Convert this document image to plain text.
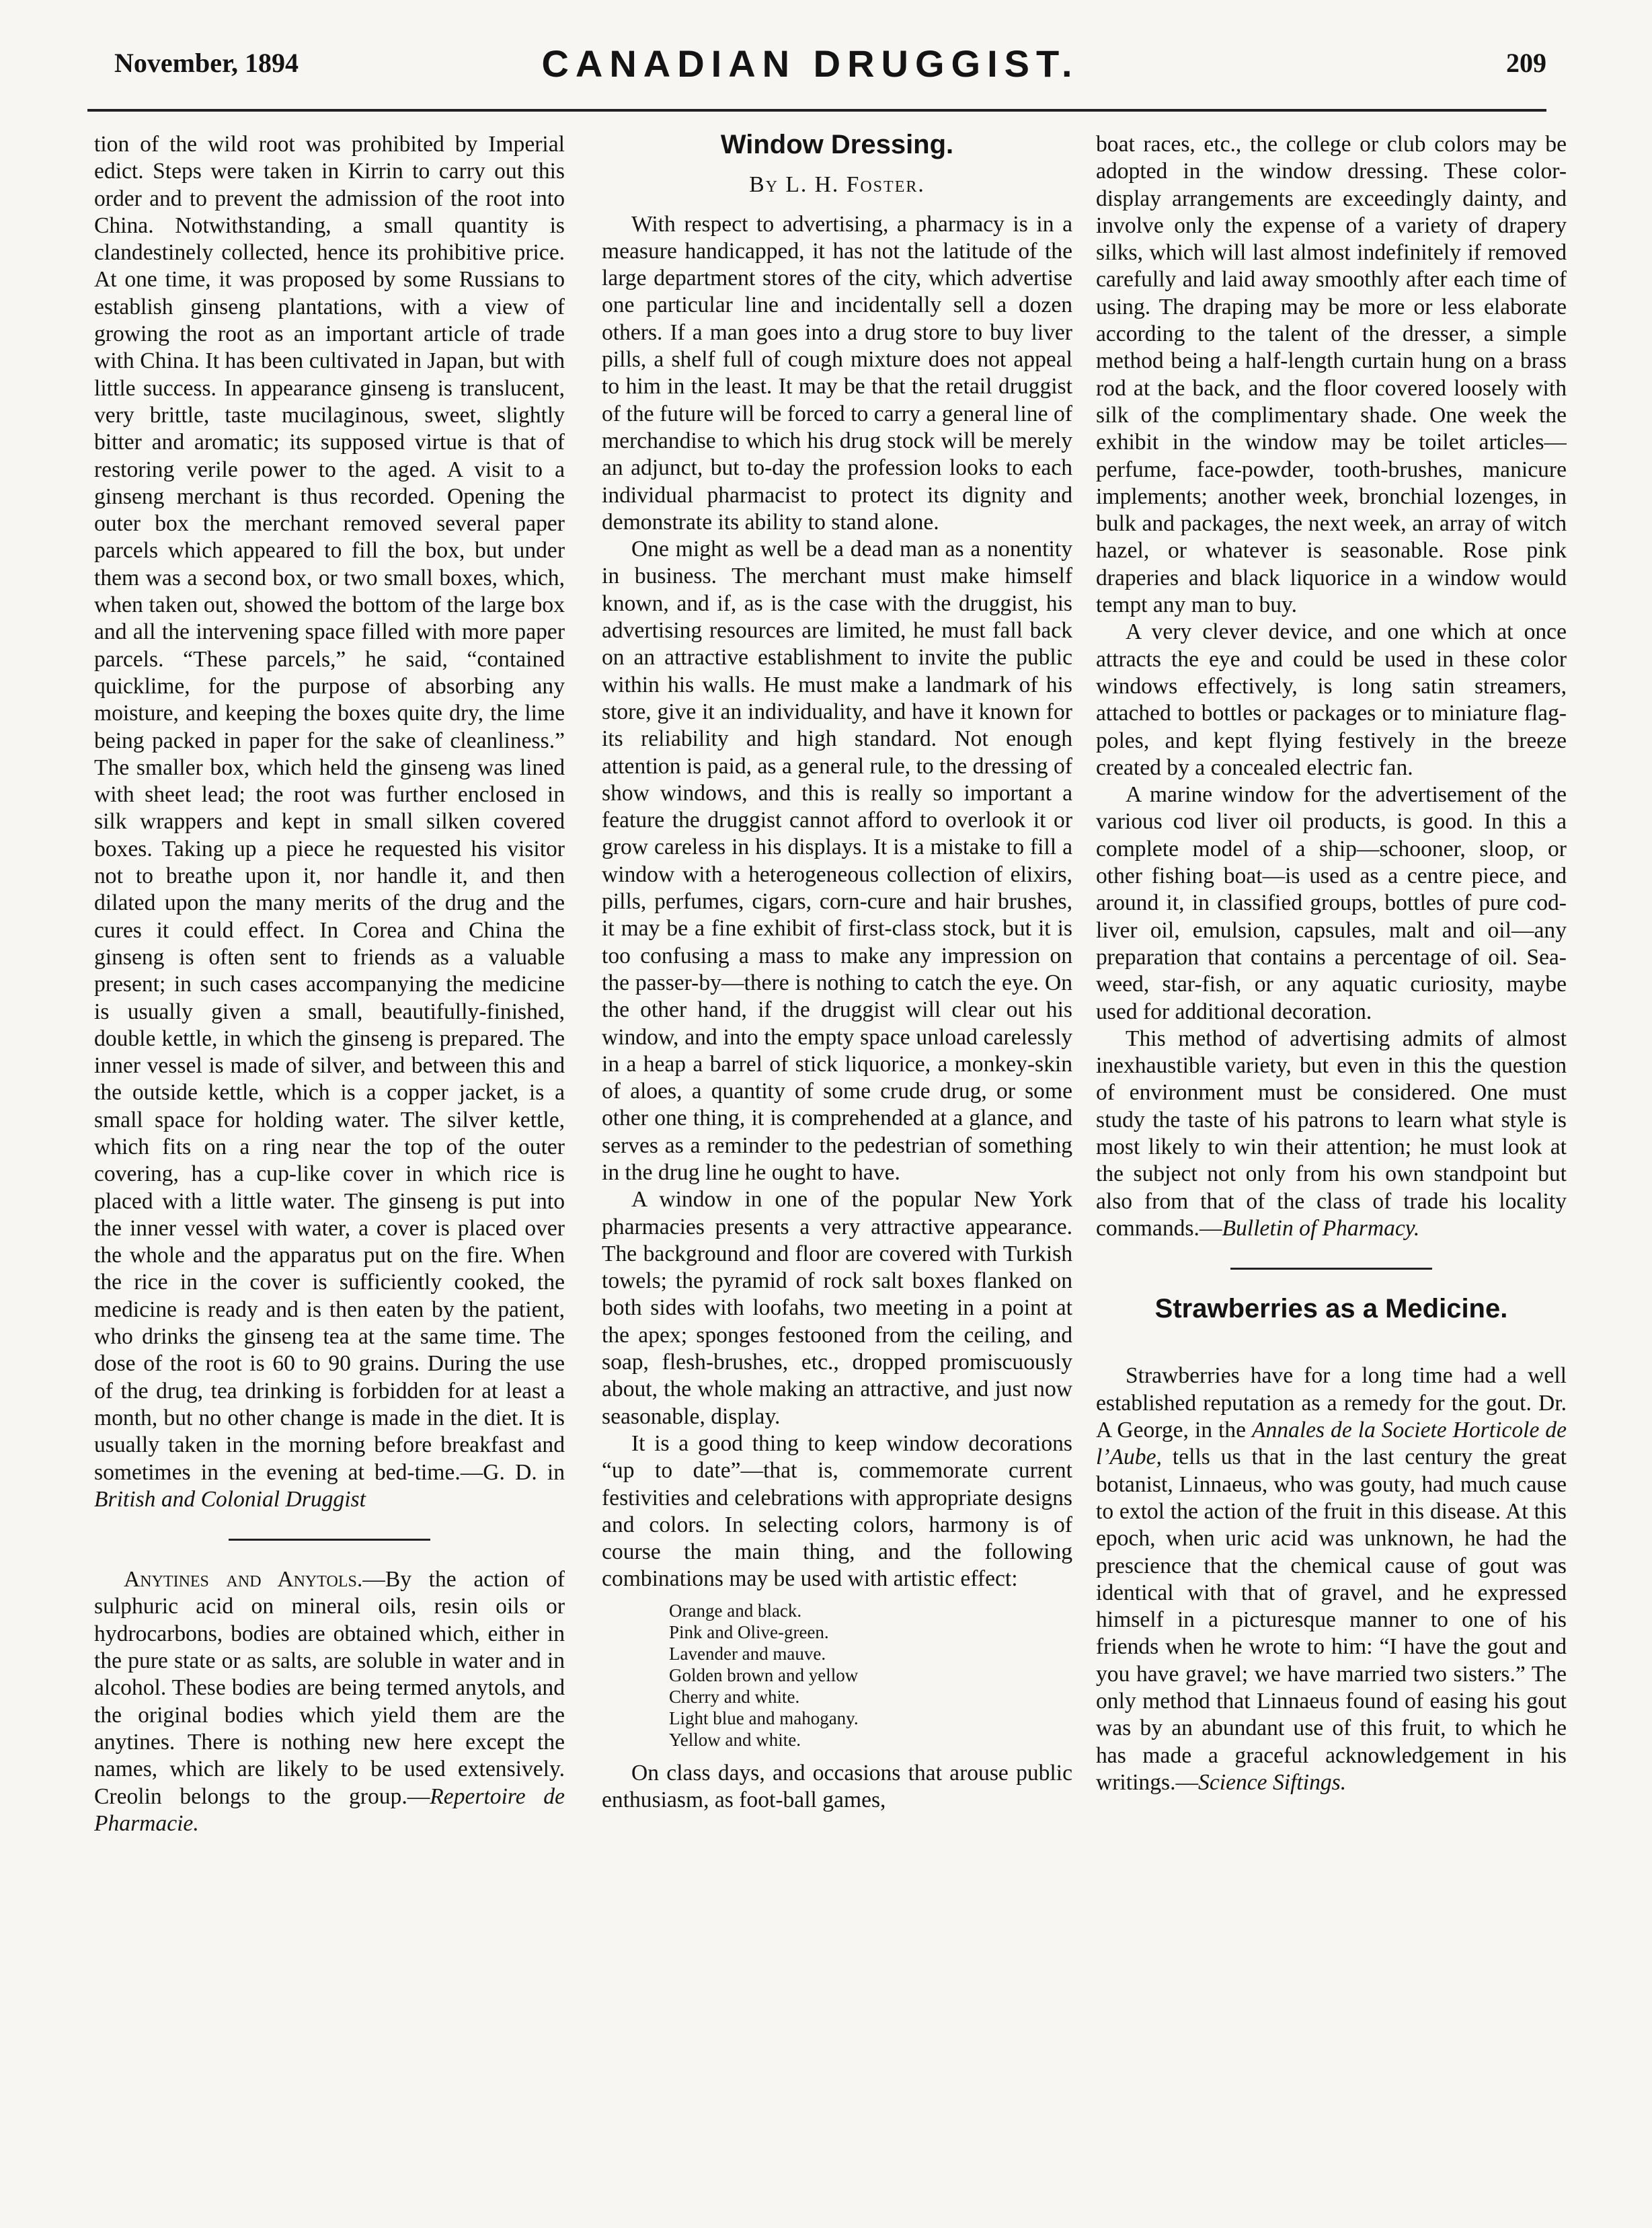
November, 1894	CANADIAN DRUGGIST.	209

tion of the wild root was prohibited by Imperial edict. Steps were taken in Kirrin to carry out this order and to prevent the admission of the root into China. Notwithstanding, a small quantity is clandestinely collected, hence its prohibitive price. At one time, it was proposed by some Russians to establish ginseng plantations, with a view of growing the root as an important article of trade with China. It has been cultivated in Japan, but with little success. In appearance ginseng is translucent, very brittle, taste mucilaginous, sweet, slightly bitter and aromatic; its supposed virtue is that of restoring verile power to the aged. A visit to a ginseng merchant is thus recorded. Opening the outer box the merchant removed several paper parcels which appeared to fill the box, but under them was a second box, or two small boxes, which, when taken out, showed the bottom of the large box and all the intervening space filled with more paper parcels. “These parcels,” he said, “contained quicklime, for the purpose of absorbing any moisture, and keeping the boxes quite dry, the lime being packed in paper for the sake of cleanliness.” The smaller box, which held the ginseng was lined with sheet lead; the root was further enclosed in silk wrappers and kept in small silken covered boxes. Taking up a piece he requested his visitor not to breathe upon it, nor handle it, and then dilated upon the many merits of the drug and the cures it could effect. In Corea and China the ginseng is often sent to friends as a valuable present; in such cases accompanying the medicine is usually given a small, beautifully-finished, double kettle, in which the ginseng is prepared. The inner vessel is made of silver, and between this and the outside kettle, which is a copper jacket, is a small space for holding water. The silver kettle, which fits on a ring near the top of the outer covering, has a cup-like cover in which rice is placed with a little water. The ginseng is put into the inner vessel with water, a cover is placed over the whole and the apparatus put on the fire. When the rice in the cover is sufficiently cooked, the medicine is ready and is then eaten by the patient, who drinks the ginseng tea at the same time. The dose of the root is 60 to 90 grains. During the use of the drug, tea drinking is forbidden for at least a month, but no other change is made in the diet. It is usually taken in the morning before breakfast and sometimes in the evening at bed-time.—G. D. in British and Colonial Druggist

Anytines and Anytols.—By the action of sulphuric acid on mineral oils, resin oils or hydrocarbons, bodies are obtained which, either in the pure state or as salts, are soluble in water and in alcohol. These bodies are being termed anytols, and the original bodies which yield them are the anytines. There is nothing new here except the names, which are likely to be used extensively. Creolin belongs to the group.—Repertoire de Pharmacie.

Window Dressing.

By L. H. Foster.

With respect to advertising, a pharmacy is in a measure handicapped, it has not the latitude of the large department stores of the city, which advertise one particular line and incidentally sell a dozen others. If a man goes into a drug store to buy liver pills, a shelf full of cough mixture does not appeal to him in the least. It may be that the retail druggist of the future will be forced to carry a general line of merchandise to which his drug stock will be merely an adjunct, but to-day the profession looks to each individual pharmacist to protect its dignity and demonstrate its ability to stand alone.

One might as well be a dead man as a nonentity in business. The merchant must make himself known, and if, as is the case with the druggist, his advertising resources are limited, he must fall back on an attractive establishment to invite the public within his walls. He must make a landmark of his store, give it an individuality, and have it known for its reliability and high standard. Not enough attention is paid, as a general rule, to the dressing of show windows, and this is really so important a feature the druggist cannot afford to overlook it or grow careless in his displays. It is a mistake to fill a window with a heterogeneous collection of elixirs, pills, perfumes, cigars, corn-cure and hair brushes, it may be a fine exhibit of first-class stock, but it is too confusing a mass to make any impression on the passer-by—there is nothing to catch the eye. On the other hand, if the druggist will clear out his window, and into the empty space unload carelessly in a heap a barrel of stick liquorice, a monkey-skin of aloes, a quantity of some crude drug, or some other one thing, it is comprehended at a glance, and serves as a reminder to the pedestrian of something in the drug line he ought to have.

A window in one of the popular New York pharmacies presents a very attractive appearance. The background and floor are covered with Turkish towels; the pyramid of rock salt boxes flanked on both sides with loofahs, two meeting in a point at the apex; sponges festooned from the ceiling, and soap, flesh-brushes, etc., dropped promiscuously about, the whole making an attractive, and just now seasonable, display.

It is a good thing to keep window decorations “up to date”—that is, commemorate current festivities and celebrations with appropriate designs and colors. In selecting colors, harmony is of course the main thing, and the following combinations may be used with artistic effect:

Orange and black.
Pink and Olive-green.
Lavender and mauve.
Golden brown and yellow
Cherry and white.
Light blue and mahogany.
Yellow and white.

On class days, and occasions that arouse public enthusiasm, as foot-ball games,

boat races, etc., the college or club colors may be adopted in the window dressing. These color-display arrangements are exceedingly dainty, and involve only the expense of a variety of drapery silks, which will last almost indefinitely if removed carefully and laid away smoothly after each time of using. The draping may be more or less elaborate according to the talent of the dresser, a simple method being a half-length curtain hung on a brass rod at the back, and the floor covered loosely with silk of the complimentary shade. One week the exhibit in the window may be toilet articles—perfume, face-powder, tooth-brushes, manicure implements; another week, bronchial lozenges, in bulk and packages, the next week, an array of witch hazel, or whatever is seasonable. Rose pink draperies and black liquorice in a window would tempt any man to buy.

A very clever device, and one which at once attracts the eye and could be used in these color windows effectively, is long satin streamers, attached to bottles or packages or to miniature flag-poles, and kept flying festively in the breeze created by a concealed electric fan.

A marine window for the advertisement of the various cod liver oil products, is good. In this a complete model of a ship—schooner, sloop, or other fishing boat—is used as a centre piece, and around it, in classified groups, bottles of pure cod-liver oil, emulsion, capsules, malt and oil—any preparation that contains a percentage of oil. Sea-weed, star-fish, or any aquatic curiosity, maybe used for additional decoration.

This method of advertising admits of almost inexhaustible variety, but even in this the question of environment must be considered. One must study the taste of his patrons to learn what style is most likely to win their attention; he must look at the subject not only from his own standpoint but also from that of the class of trade his locality commands.—Bulletin of Pharmacy.

Strawberries as a Medicine.

Strawberries have for a long time had a well established reputation as a remedy for the gout. Dr. A George, in the Annales de la Societe Horticole de l’Aube, tells us that in the last century the great botanist, Linnaeus, who was gouty, had much cause to extol the action of the fruit in this disease. At this epoch, when uric acid was unknown, he had the prescience that the chemical cause of gout was identical with that of gravel, and he expressed himself in a picturesque manner to one of his friends when he wrote to him: “I have the gout and you have gravel; we have married two sisters.” The only method that Linnaeus found of easing his gout was by an abundant use of this fruit, to which he has made a graceful acknowledgement in his writings.—Science Siftings.
